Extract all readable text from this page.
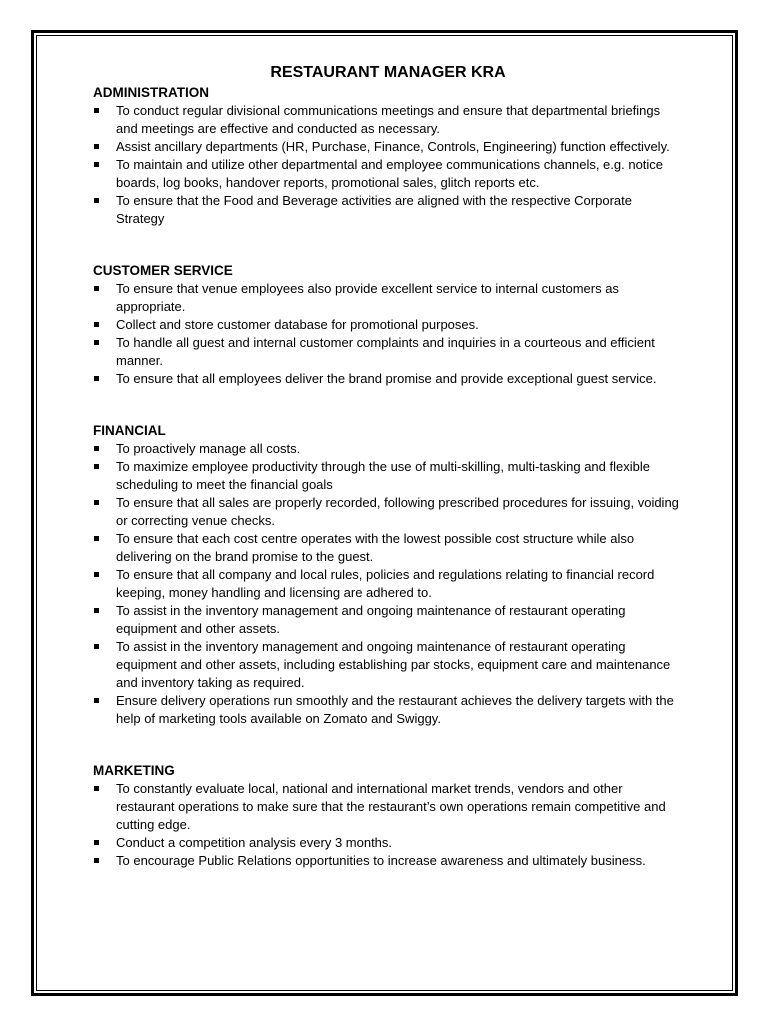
RESTAURANT MANAGER KRA
ADMINISTRATION
To conduct regular divisional communications meetings and ensure that departmental briefings and meetings are effective and conducted as necessary.
Assist ancillary departments (HR, Purchase, Finance, Controls, Engineering) function effectively.
To maintain and utilize other departmental and employee communications channels, e.g. notice boards, log books, handover reports, promotional sales, glitch reports etc.
To ensure that the Food and Beverage activities are aligned with the respective Corporate Strategy
CUSTOMER SERVICE
To ensure that venue employees also provide excellent service to internal customers as appropriate.
Collect and store customer database for promotional purposes.
To handle all guest and internal customer complaints and inquiries in a courteous and efficient manner.
To ensure that all employees deliver the brand promise and provide exceptional guest service.
FINANCIAL
To proactively manage all costs.
To maximize employee productivity through the use of multi-skilling, multi-tasking and flexible scheduling to meet the financial goals
To ensure that all sales are properly recorded, following prescribed procedures for issuing, voiding or correcting venue checks.
To ensure that each cost centre operates with the lowest possible cost structure while also delivering on the brand promise to the guest.
To ensure that all company and local rules, policies and regulations relating to financial record keeping, money handling and licensing are adhered to.
To assist in the inventory management and ongoing maintenance of restaurant operating equipment and other assets.
To assist in the inventory management and ongoing maintenance of restaurant operating equipment and other assets, including establishing par stocks, equipment care and maintenance and inventory taking as required.
Ensure delivery operations run smoothly and the restaurant achieves the delivery targets with the help of marketing tools available on Zomato and Swiggy.
MARKETING
To constantly evaluate local, national and international market trends, vendors and other restaurant operations to make sure that the restaurant’s own operations remain competitive and cutting edge.
Conduct a competition analysis every 3 months.
To encourage Public Relations opportunities to increase awareness and ultimately business.
